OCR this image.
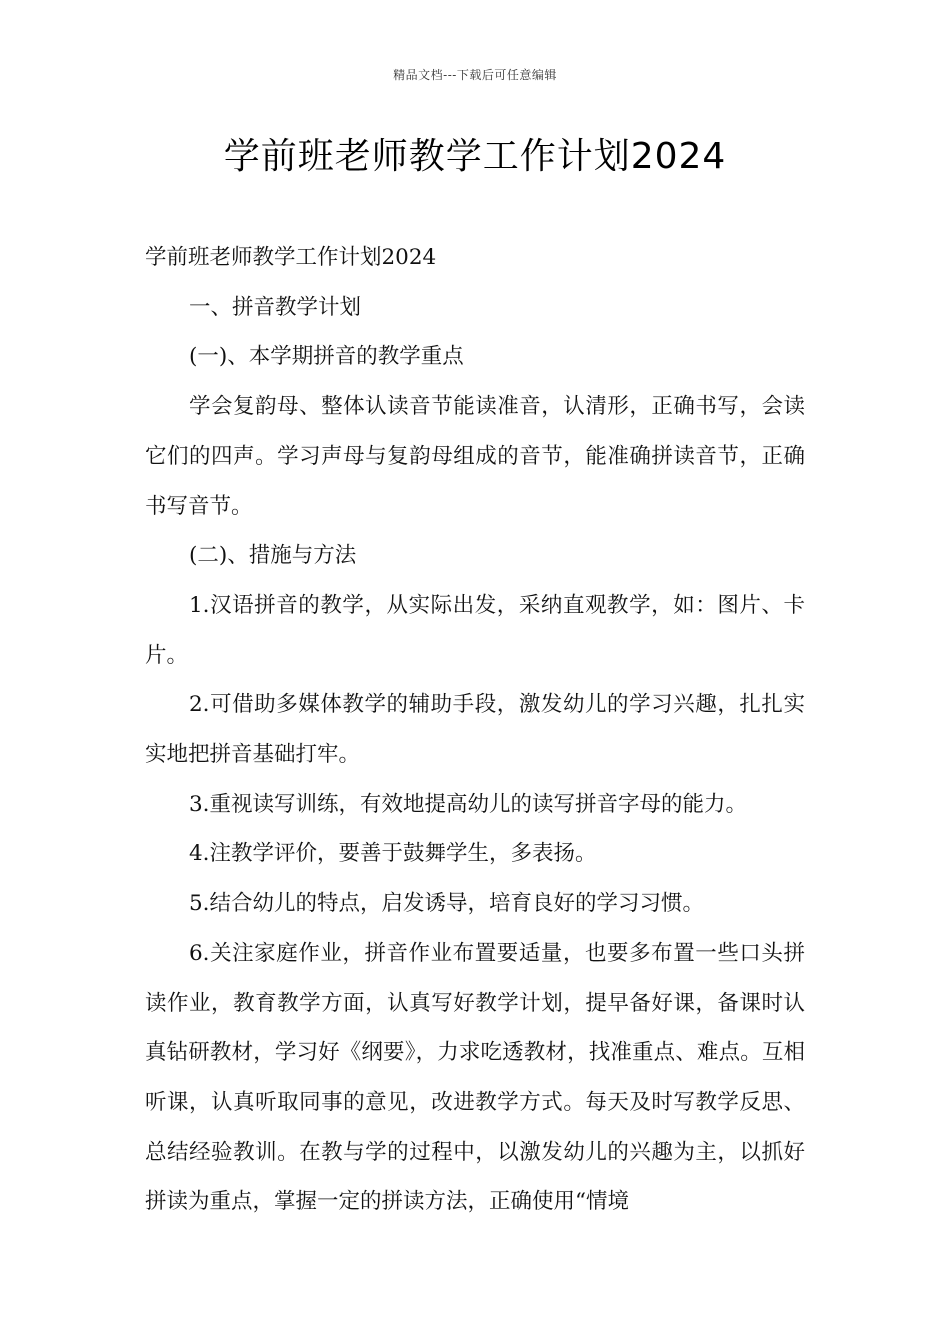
精品文档---下载后可任意编辑
学前班老师教学工作计划2024

学前班老师教学工作计划2024

一、拼音教学计划

(一)、本学期拼音的教学重点

学会复韵母、整体认读音节能读准音，认清形，正确书写，会读它们的四声。学习声母与复韵母组成的音节，能准确拼读音节，正确书写音节。

(二)、措施与方法

1.汉语拼音的教学，从实际出发，采纳直观教学，如：图片、卡片。

2.可借助多媒体教学的辅助手段，激发幼儿的学习兴趣，扎扎实实地把拼音基础打牢。

3.重视读写训练，有效地提高幼儿的读写拼音字母的能力。

4.注教学评价，要善于鼓舞学生，多表扬。

5.结合幼儿的特点，启发诱导，培育良好的学习习惯。

6.关注家庭作业，拼音作业布置要适量，也要多布置一些口头拼读作业，教育教学方面，认真写好教学计划，提早备好课，备课时认真钻研教材，学习好《纲要》，力求吃透教材，找准重点、难点。互相听课，认真听取同事的意见，改进教学方式。每天及时写教学反思、总结经验教训。在教与学的过程中，以激发幼儿的兴趣为主，以抓好拼读为重点，掌握一定的拼读方法，正确使用“情境
